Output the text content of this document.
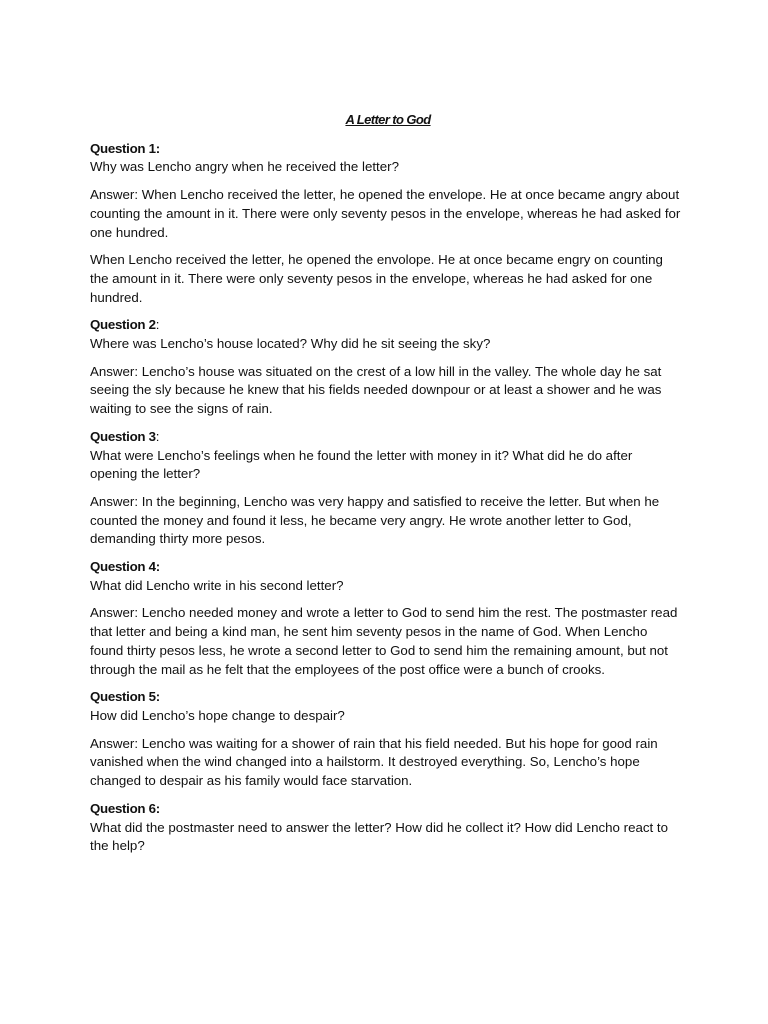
A Letter to God

Question 1:

Why was Lencho angry when he received the letter?

Answer: When Lencho received the letter, he opened the envelope. He at once became angry about counting the amount in it. There were only seventy pesos in the envelope, whereas he had asked for one hundred.

When Lencho received the letter, he opened the envolope. He at once became engry on counting the amount in it. There were only seventy pesos in the envelope, whereas he had asked for one hundred.

Question 2:

Where was Lencho’s house located? Why did he sit seeing the sky?

Answer: Lencho’s house was situated on the crest of a low hill in the valley. The whole day he sat seeing the sly because he knew that his fields needed downpour or at least a shower and he was waiting to see the signs of rain.

Question 3:

What were Lencho’s feelings when he found the letter with money in it? What did he do after opening the letter?

Answer: In the beginning, Lencho was very happy and satisfied to receive the letter. But when he counted the money and found it less, he became very angry. He wrote another letter to God, demanding thirty more pesos.

Question 4:

What did Lencho write in his second letter?

Answer: Lencho needed money and wrote a letter to God to send him the rest. The postmaster read that letter and being a kind man, he sent him seventy pesos in the name of God. When Lencho found thirty pesos less, he wrote a second letter to God to send him the remaining amount, but not through the mail as he felt that the employees of the post office were a bunch of crooks.

Question 5:

How did Lencho’s hope change to despair?

Answer: Lencho was waiting for a shower of rain that his field needed. But his hope for good rain vanished when the wind changed into a hailstorm. It destroyed everything. So, Lencho’s hope changed to despair as his family would face starvation.

Question 6:

What did the postmaster need to answer the letter? How did he collect it? How did Lencho react to the help?
